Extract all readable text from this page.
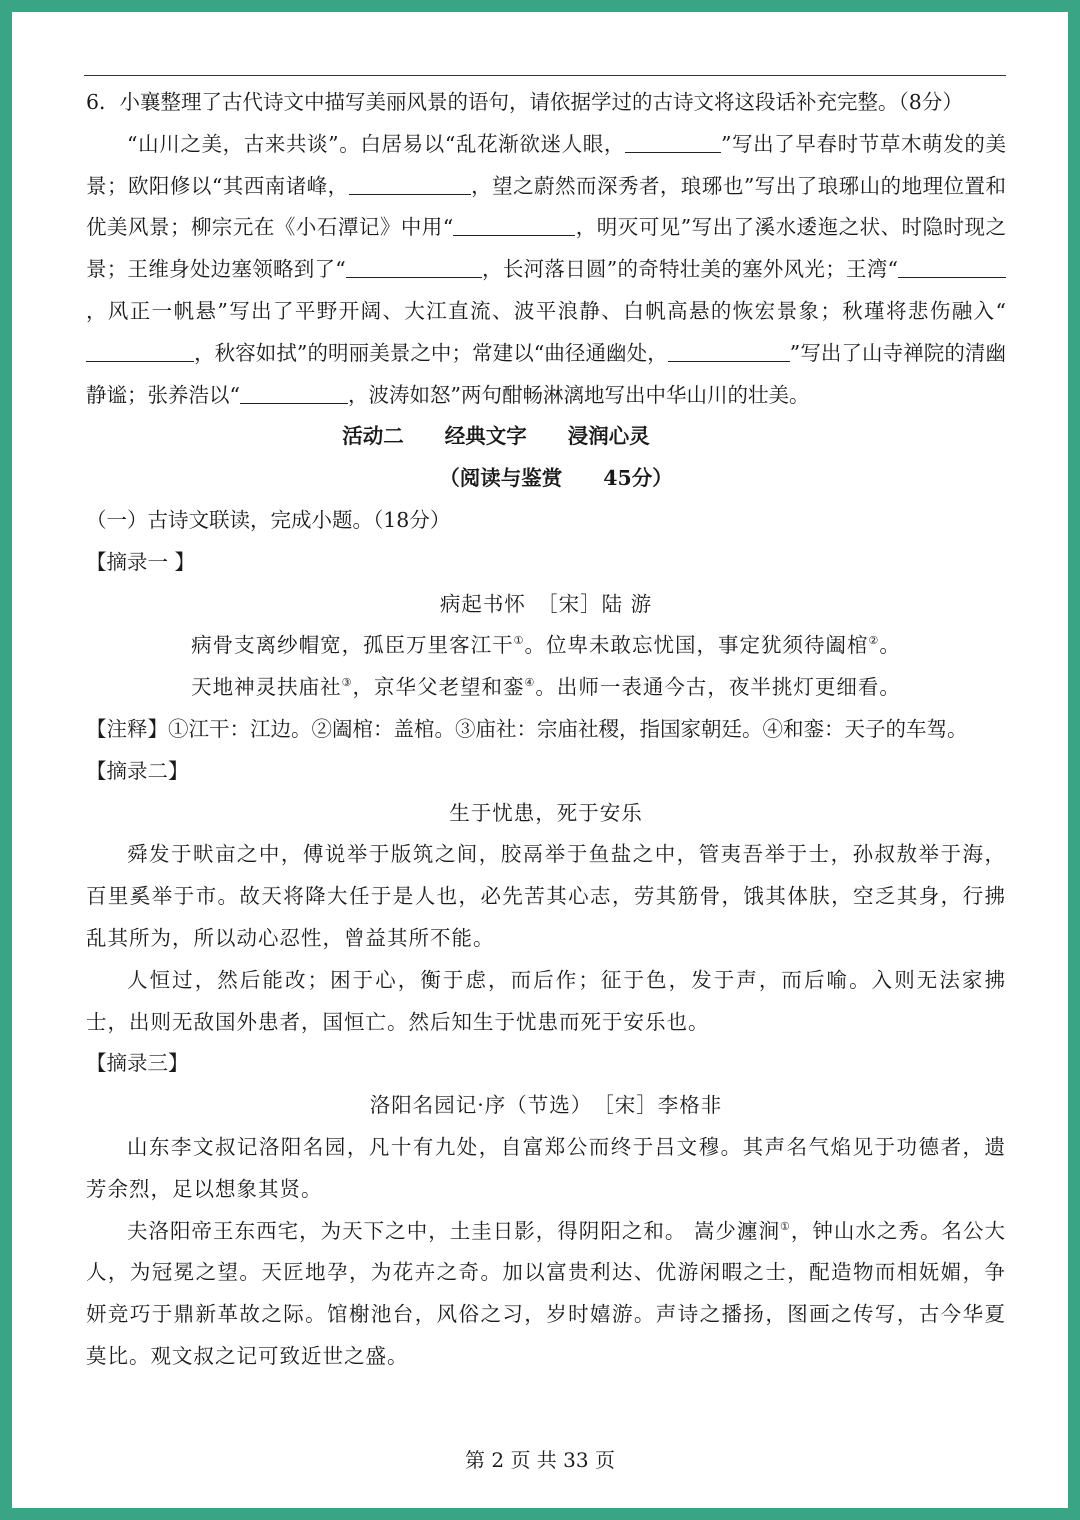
6．小襄整理了古代诗文中描写美丽风景的语句，请依据学过的古诗文将这段话补充完整。（8分）

“山川之美，古来共谈”。白居易以“乱花渐欲迷人眼，	”写出了早春时节草木萌发的美景；欧阳修以“其西南诸峰，	，望之蔚然而深秀者，琅琊也”写出了琅琊山的地理位置和优美风景；柳宗元在《小石潭记》中用“	，明灭可见”写出了溪水逶迤之状、时隐时现之景；王维身处边塞领略到了“	，长河落日圆”的奇特壮美的塞外风光；王湾“，风正一帆悬”写出了平野开阔、大江直流、波平浪静、白帆高悬的恢宏景象；秋瑾将悲伤融入“，秋容如拭”的明丽美景之中；常建以“曲径通幽处，	”写出了山寺禅院的清幽静谧；张养浩以“	，波涛如怒”两句酣畅淋漓地写出中华山川的壮美。

活动二　　经典文字　　浸润心灵

（阅读与鉴赏　　45分）

（一）古诗文联读，完成小题。（18分）

【摘录一 】

病起书怀　［宋］陆 游

病骨支离纱帽宽，孤臣万里客江干①。位卑未敢忘忧国，事定犹须待阖棺②。

天地神灵扶庙社③，京华父老望和銮④。出师一表通今古，夜半挑灯更细看。

【注释】①江干：江边。②阖棺：盖棺。③庙社：宗庙社稷，指国家朝廷。④和銮：天子的车驾。

【摘录二】

生于忧患，死于安乐

舜发于畎亩之中，傅说举于版筑之间，胶鬲举于鱼盐之中，管夷吾举于士，孙叔敖举于海，百里奚举于市。故天将降大任于是人也，必先苦其心志，劳其筋骨，饿其体肤，空乏其身，行拂乱其所为，所以动心忍性，曾益其所不能。

人恒过，然后能改；困于心，衡于虑，而后作；征于色，发于声，而后喻。入则无法家拂士，出则无敌国外患者，国恒亡。然后知生于忧患而死于安乐也。

【摘录三】

洛阳名园记·序（节选）　［宋］李格非

山东李文叔记洛阳名园，凡十有九处，自富郑公而终于吕文穆。其声名气焰见于功德者，遗芳余烈，足以想象其贤。

夫洛阳帝王东西宅，为天下之中，土圭日影，得阴阳之和。 嵩少瀍涧①，钟山水之秀。名公大人，为冠冕之望。天匠地孕，为花卉之奇。加以富贵利达、优游闲暇之士，配造物而相妩媚，争妍竞巧于鼎新革故之际。馆榭池台，风俗之习，岁时嬉游。声诗之播扬，图画之传写，古今华夏莫比。观文叔之记可致近世之盛。

第 2 页 共 33 页
